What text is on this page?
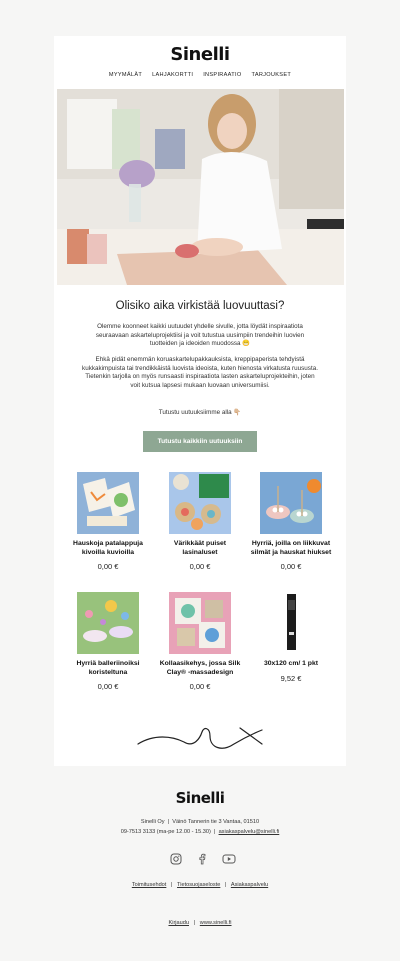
Sinelli
MYYMÄLÄT LAHJAKORTTI INSPIRAATIO TARJOUKSET
Olisiko aika virkistää luovuuttasi?
Olemme koonneet kaikki uutuudet yhdelle sivulle, jotta löydät inspiraatiota seuraavaan askarteluprojektiisi ja voit tutustua uusimpiin trendeihin luovien tuotteiden ja ideoiden muodossa 😁
Ehkä pidät enemmän koruaskartelupakkauksista, kreppipaperista tehdyistä kukkakimpuista tai trendikkäistä luovista ideoista, kuten hienosta virkatusta ruususta. Tietenkin tarjolla on myös runsaasti inspiraatiota lasten askarteluprojekteihin, joten voit kutsua lapsesi mukaan luovaan universumiisi.
Tutustu uutuuksiimme alla 👇🏼
Tutustu kaikkiin uutuuksiin
Hauskoja patalappuja kivoilla kuvioilla
0,00 €
Värikkäät puiset lasinaluset
0,00 €
Hyrriä, joilla on liikkuvat silmät ja hauskat hiukset
0,00 €
Hyrriä balleriinoiksi koristeltuna
0,00 €
Kollaasikehys, jossa Silk Clay® -massadesign
0,00 €
30x120 cm/ 1 pkt
9,52 €
Sinelli
Sinelli Oy | Väinö Tannerin tie 3 Vantaa, 01510
09-7513 3133 (ma-pe 12.00 - 15.30) | asiakaspalvelu@sinelli.fi
Toimitusehdot | Tietosuojaseloste | Asiakaspalvelu
Kirjaudu | www.sinelli.fi
